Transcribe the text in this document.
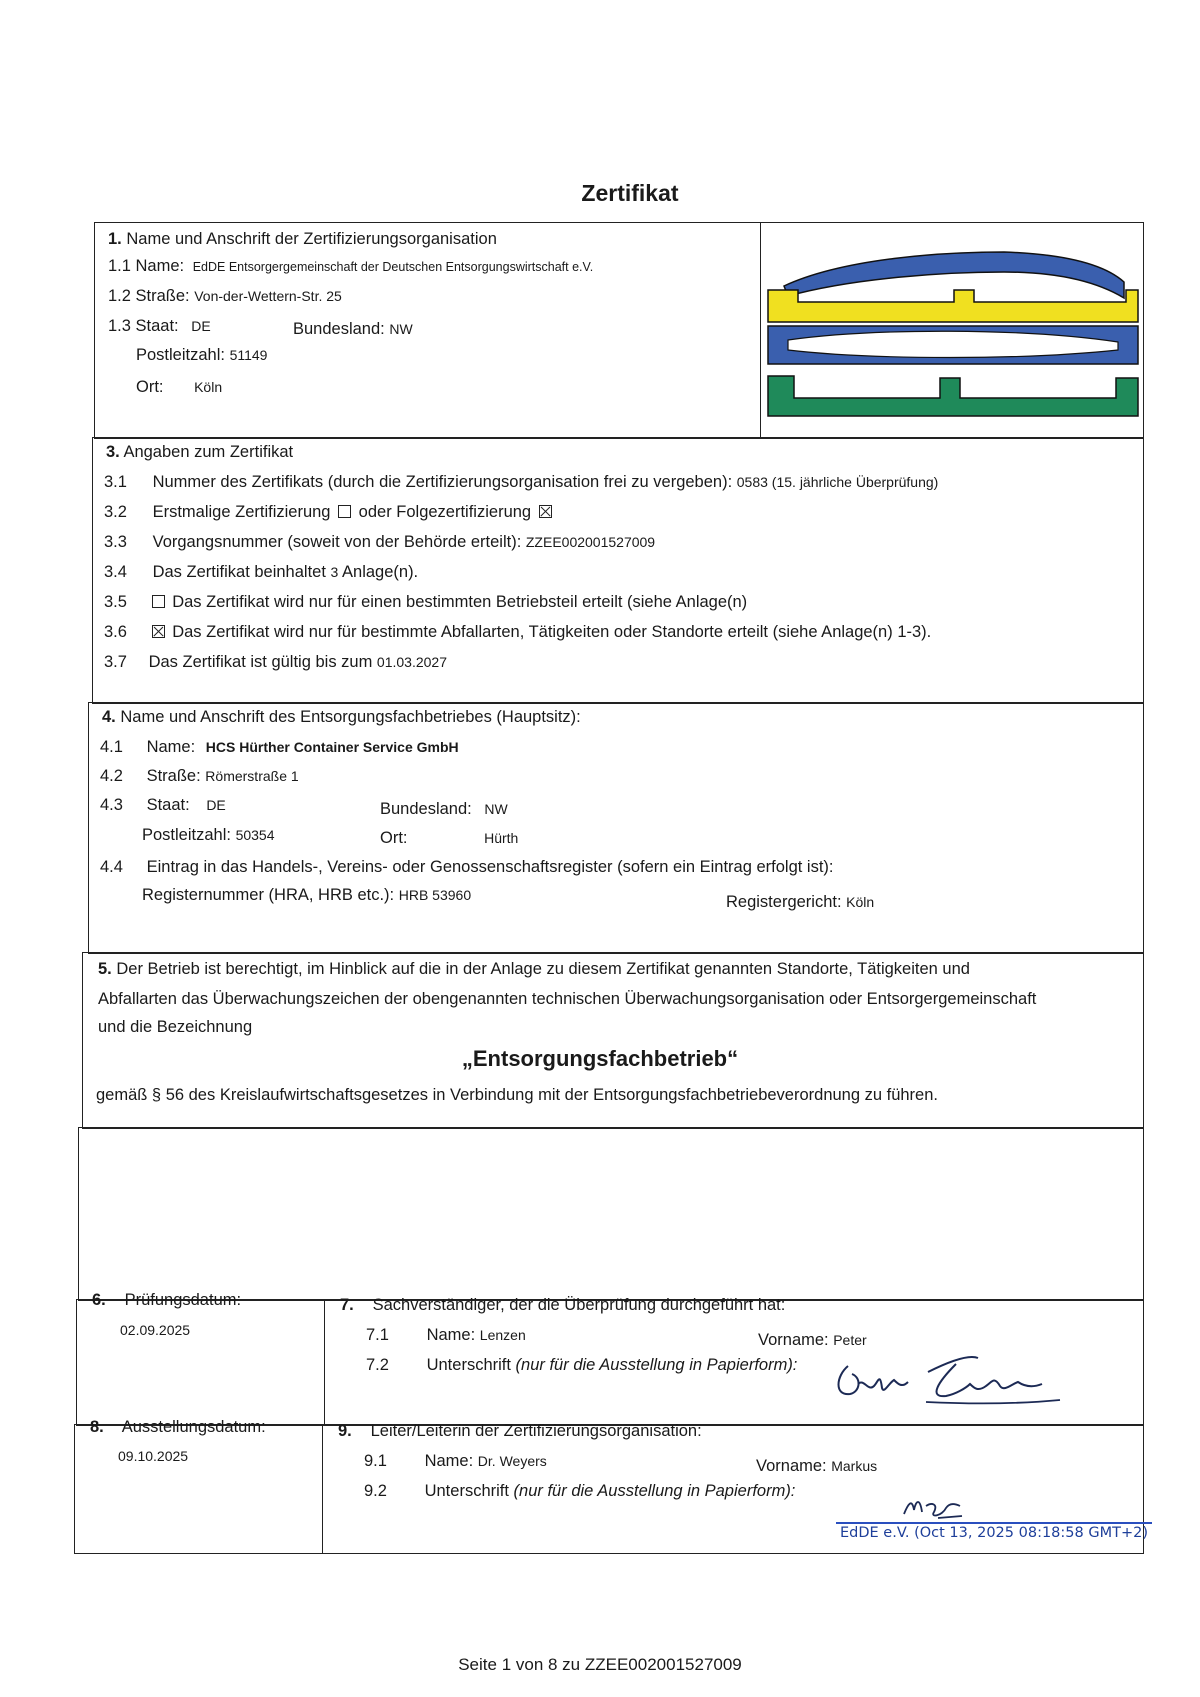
Zertifikat
1. Name und Anschrift der Zertifizierungsorganisation
1.1 Name: EdDE Entsorgergemeinschaft der Deutschen Entsorgungswirtschaft e.V.
1.2 Straße: Von-der-Wettern-Str. 25
1.3 Staat: DE	Bundesland: NW
Postleitzahl: 51149
Ort: Köln
3. Angaben zum Zertifikat
3.1 Nummer des Zertifikats (durch die Zertifizierungsorganisation frei zu vergeben): 0583 (15. jährliche Überprüfung)
3.2 Erstmalige Zertifizierung oder Folgezertifizierung
3.3 Vorgangsnummer (soweit von der Behörde erteilt): ZZEE002001527009
3.4 Das Zertifikat beinhaltet 3 Anlage(n).
3.5	Das Zertifikat wird nur für einen bestimmten Betriebsteil erteilt (siehe Anlage(n)
3.6	Das Zertifikat wird nur für bestimmte Abfallarten, Tätigkeiten oder Standorte erteilt (siehe Anlage(n) 1-3).
3.7 Das Zertifikat ist gültig bis zum 01.03.2027
4. Name und Anschrift des Entsorgungsfachbetriebes (Hauptsitz):
4.1 Name: HCS Hürther Container Service GmbH
4.2 Straße: Römerstraße 1
4.3 Staat: DE	Bundesland: NW
Postleitzahl: 50354	Ort:	Hürth
4.4 Eintrag in das Handels-, Vereins- oder Genossenschaftsregister (sofern ein Eintrag erfolgt ist):
Registernummer (HRA, HRB etc.): HRB 53960	Registergericht: Köln
5. Der Betrieb ist berechtigt, im Hinblick auf die in der Anlage zu diesem Zertifikat genannten Standorte, Tätigkeiten und
Abfallarten das Überwachungszeichen der obengenannten technischen Überwachungsorganisation oder Entsorgergemeinschaft
und die Bezeichnung
„Entsorgungsfachbetrieb“
gemäß § 56 des Kreislaufwirtschaftsgesetzes in Verbindung mit der Entsorgungsfachbetriebeverordnung zu führen.
6. Prüfungsdatum:
02.09.2025
7. Sachverständiger, der die Überprüfung durchgeführt hat:
7.1 Name: Lenzen	Vorname: Peter
7.2 Unterschrift (nur für die Ausstellung in Papierform):
8. Ausstellungsdatum:
09.10.2025
9. Leiter/Leiterin der Zertifizierungsorganisation:
9.1 Name: Dr. Weyers	Vorname: Markus
9.2 Unterschrift (nur für die Ausstellung in Papierform):
EdDE e.V. (Oct 13, 2025 08:18:58 GMT+2)
Seite 1 von 8 zu ZZEE002001527009
